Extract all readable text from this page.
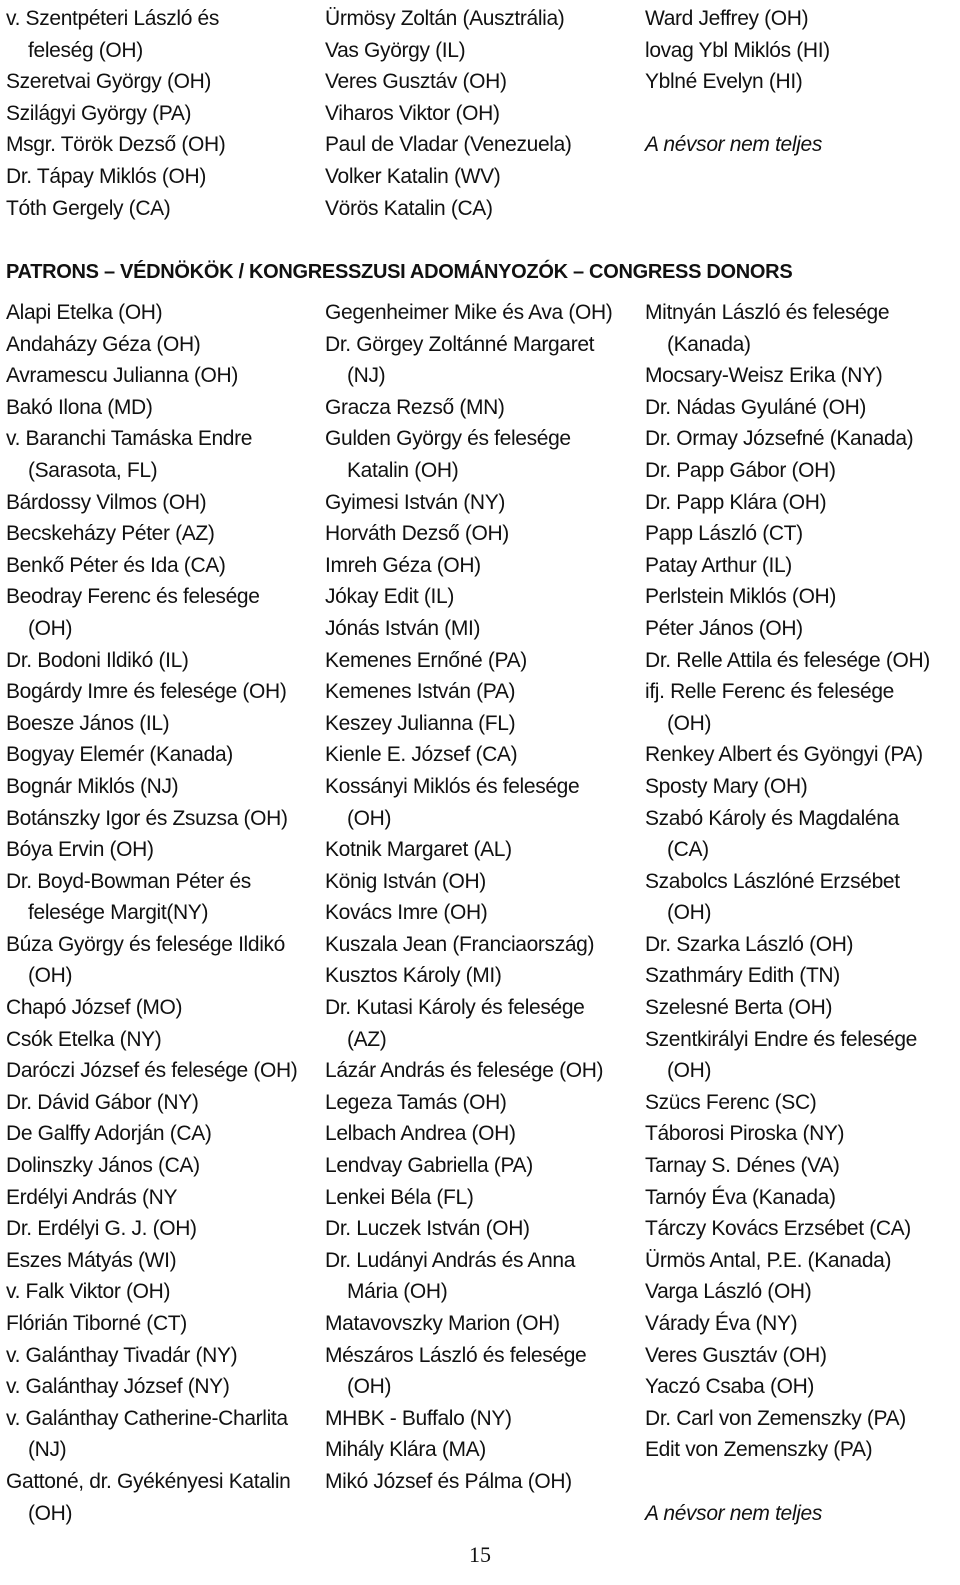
v. Szentpéteri László és
feleség (OH)
Szeretvai György (OH)
Szilágyi György (PA)
Msgr. Török Dezső (OH)
Dr. Tápay Miklós (OH)
Tóth Gergely (CA)
Ürmösy Zoltán (Ausztrália)
Vas György (IL)
Veres Gusztáv (OH)
Viharos Viktor (OH)
Paul de Vladar (Venezuela)
Volker Katalin (WV)
Vörös Katalin (CA)
Ward Jeffrey (OH)
lovag Ybl Miklós (HI)
Yblné Evelyn (HI)
A névsor nem teljes
PATRONS – VÉDNÖKÖK / KONGRESSZUSI ADOMÁNYOZÓK – CONGRESS DONORS
Alapi Etelka (OH)
Andaházy Géza (OH)
Avramescu Julianna (OH)
Bakó Ilona (MD)
v. Baranchi Tamáska Endre
(Sarasota, FL)
Bárdossy Vilmos (OH)
Becskeházy Péter (AZ)
Benkő Péter és Ida (CA)
Beodray Ferenc és felesége
(OH)
Dr. Bodoni Ildikó (IL)
Bogárdy Imre és felesége (OH)
Boesze János (IL)
Bogyay Elemér (Kanada)
Bognár Miklós (NJ)
Botánszky Igor és Zsuzsa (OH)
Bóya Ervin (OH)
Dr. Boyd-Bowman Péter és
felesége Margit(NY)
Búza György és felesége Ildikó
(OH)
Chapó József (MO)
Csók Etelka (NY)
Daróczi József és felesége (OH)
Dr. Dávid Gábor (NY)
De Galffy Adorján (CA)
Dolinszky János (CA)
Erdélyi András (NY
Dr. Erdélyi G. J. (OH)
Eszes Mátyás (WI)
v. Falk Viktor (OH)
Flórián Tiborné (CT)
v. Galánthay Tivadár (NY)
v. Galánthay József (NY)
v. Galánthay Catherine-Charlita
(NJ)
Gattoné, dr. Gyékényesi Katalin
(OH)
Gegenheimer Mike és Ava (OH)
Dr. Görgey Zoltánné Margaret
(NJ)
Gracza Rezső (MN)
Gulden György és felesége
Katalin (OH)
Gyimesi István (NY)
Horváth Dezső (OH)
Imreh Géza (OH)
Jókay Edit (IL)
Jónás István (MI)
Kemenes Ernőné (PA)
Kemenes István (PA)
Keszey Julianna (FL)
Kienle E. József (CA)
Kossányi Miklós és felesége
(OH)
Kotnik Margaret (AL)
König István (OH)
Kovács Imre (OH)
Kuszala Jean (Franciaország)
Kusztos Károly (MI)
Dr. Kutasi Károly és felesége
(AZ)
Lázár András és felesége (OH)
Legeza Tamás (OH)
Lelbach Andrea (OH)
Lendvay Gabriella (PA)
Lenkei Béla (FL)
Dr. Luczek István (OH)
Dr. Ludányi András és Anna
Mária (OH)
Matavovszky Marion (OH)
Mészáros László és felesége
(OH)
MHBK - Buffalo (NY)
Mihály Klára (MA)
Mikó József és Pálma (OH)
Mitnyán László és felesége
(Kanada)
Mocsary-Weisz Erika (NY)
Dr. Nádas Gyuláné (OH)
Dr. Ormay Józsefné (Kanada)
Dr. Papp Gábor (OH)
Dr. Papp Klára (OH)
Papp László (CT)
Patay Arthur (IL)
Perlstein Miklós (OH)
Péter János (OH)
Dr. Relle Attila és felesége (OH)
ifj. Relle Ferenc és felesége
(OH)
Renkey Albert és Gyöngyi (PA)
Sposty Mary (OH)
Szabó Károly és Magdaléna
(CA)
Szabolcs Lászlóné Erzsébet
(OH)
Dr. Szarka László (OH)
Szathmáry Edith (TN)
Szelesné Berta (OH)
Szentkirályi Endre és felesége
(OH)
Szücs Ferenc (SC)
Táborosi Piroska (NY)
Tarnay S. Dénes (VA)
Tarnóy Éva (Kanada)
Tárczy Kovács Erzsébet (CA)
Ürmös Antal, P.E. (Kanada)
Varga László (OH)
Várady Éva (NY)
Veres Gusztáv (OH)
Yaczó Csaba (OH)
Dr. Carl von Zemenszky (PA)
Edit von Zemenszky (PA)
A névsor nem teljes
15
